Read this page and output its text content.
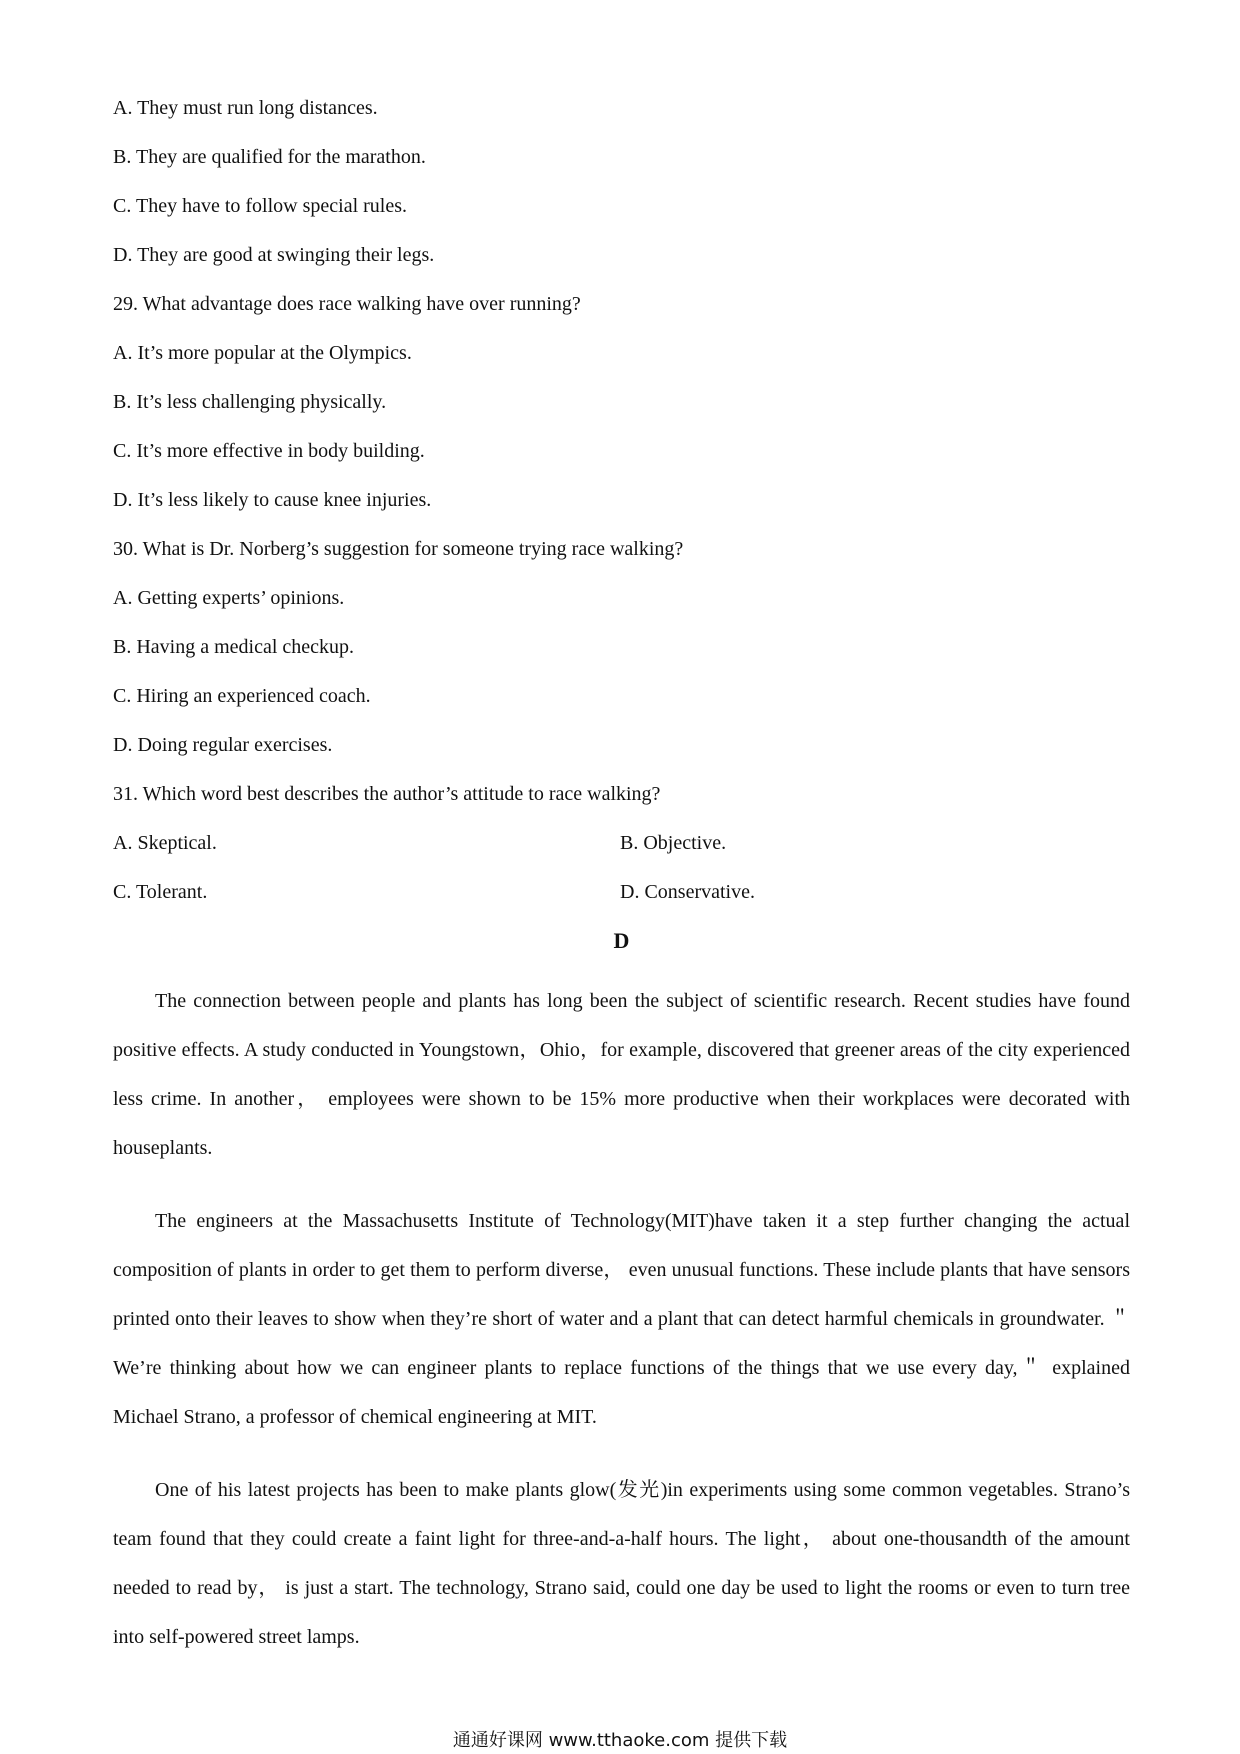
A. They must run long distances.
B. They are qualified for the marathon.
C. They have to follow special rules.
D. They are good at swinging their legs.
29. What advantage does race walking have over running?
A. It’s more popular at the Olympics.
B. It’s less challenging physically.
C. It’s more effective in body building.
D. It’s less likely to cause knee injuries.
30. What is Dr. Norberg’s suggestion for someone trying race walking?
A. Getting experts’ opinions.
B. Having a medical checkup.
C. Hiring an experienced coach.
D. Doing regular exercises.
31. Which word best describes the author’s attitude to race walking?
A. Skeptical.	B. Objective.
C. Tolerant.	D. Conservative.
D

The connection between people and plants has long been the subject of scientific research. Recent studies have found positive effects. A study conducted in Youngstown，Ohio，for example, discovered that greener areas of the city experienced less crime. In another， employees were shown to be 15% more productive when their workplaces were decorated with houseplants.

The engineers at the Massachusetts Institute of Technology(MIT)have taken it a step further changing the actual composition of plants in order to get them to perform diverse， even unusual functions. These include plants that have sensors printed onto their leaves to show when they’re short of water and a plant that can detect harmful chemicals in groundwater. ＂We’re thinking about how we can engineer plants to replace functions of the things that we use every day,＂ explained Michael Strano, a professor of chemical engineering at MIT.

One of his latest projects has been to make plants glow(发光)in experiments using some common vegetables. Strano’s team found that they could create a faint light for three-and-a-half hours. The light， about one-thousandth of the amount needed to read by， is just a start. The technology, Strano said, could one day be used to light the rooms or even to turn tree into self-powered street lamps.

通通好课网 www.tthaoke.com 提供下载
